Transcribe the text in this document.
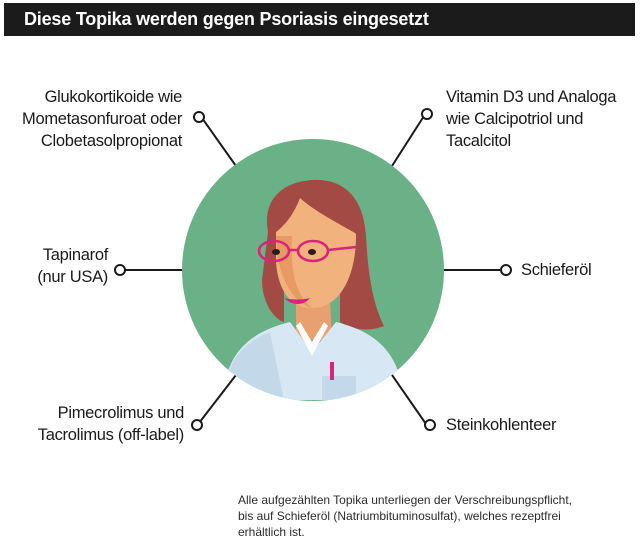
Diese Topika werden gegen Psoriasis eingesetzt
Glukokortikoide wie
Mometasonfuroat oder
Clobetasolpropionat
Tapinarof
(nur USA)
Pimecrolimus und
Tacrolimus (off-label)
Vitamin D3 und Analoga
wie Calcipotriol und
Tacalcitol
Schieferöl
Steinkohlenteer
Alle aufgezählten Topika unterliegen der Verschreibungspflicht,
bis auf Schieferöl (Natriumbituminosulfat), welches rezeptfrei
erhältlich ist.
